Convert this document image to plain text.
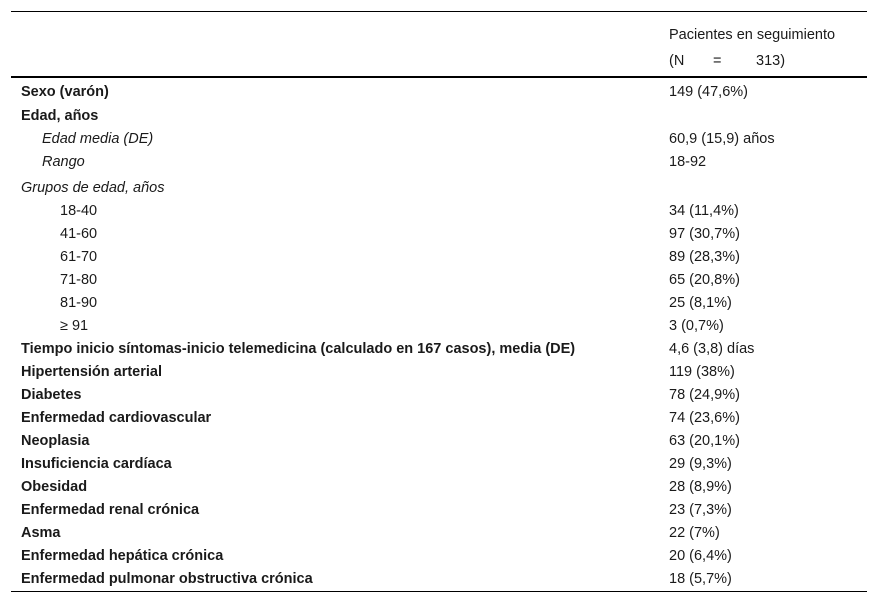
	Pacientes en seguimiento
	(N = 313)
Sexo (varón)	149 (47,6%)
Edad, años	
Edad media (DE)	60,9 (15,9) años
Rango	18-92
Grupos de edad, años	
18-40	34 (11,4%)
41-60	97 (30,7%)
61-70	89 (28,3%)
71-80	65 (20,8%)
81-90	25 (8,1%)
≥ 91	3 (0,7%)
Tiempo inicio síntomas-inicio telemedicina (calculado en 167 casos), media (DE)	4,6 (3,8) días
Hipertensión arterial	119 (38%)
Diabetes	78 (24,9%)
Enfermedad cardiovascular	74 (23,6%)
Neoplasia	63 (20,1%)
Insuficiencia cardíaca	29 (9,3%)
Obesidad	28 (8,9%)
Enfermedad renal crónica	23 (7,3%)
Asma	22 (7%)
Enfermedad hepática crónica	20 (6,4%)
Enfermedad pulmonar obstructiva crónica	18 (5,7%)
